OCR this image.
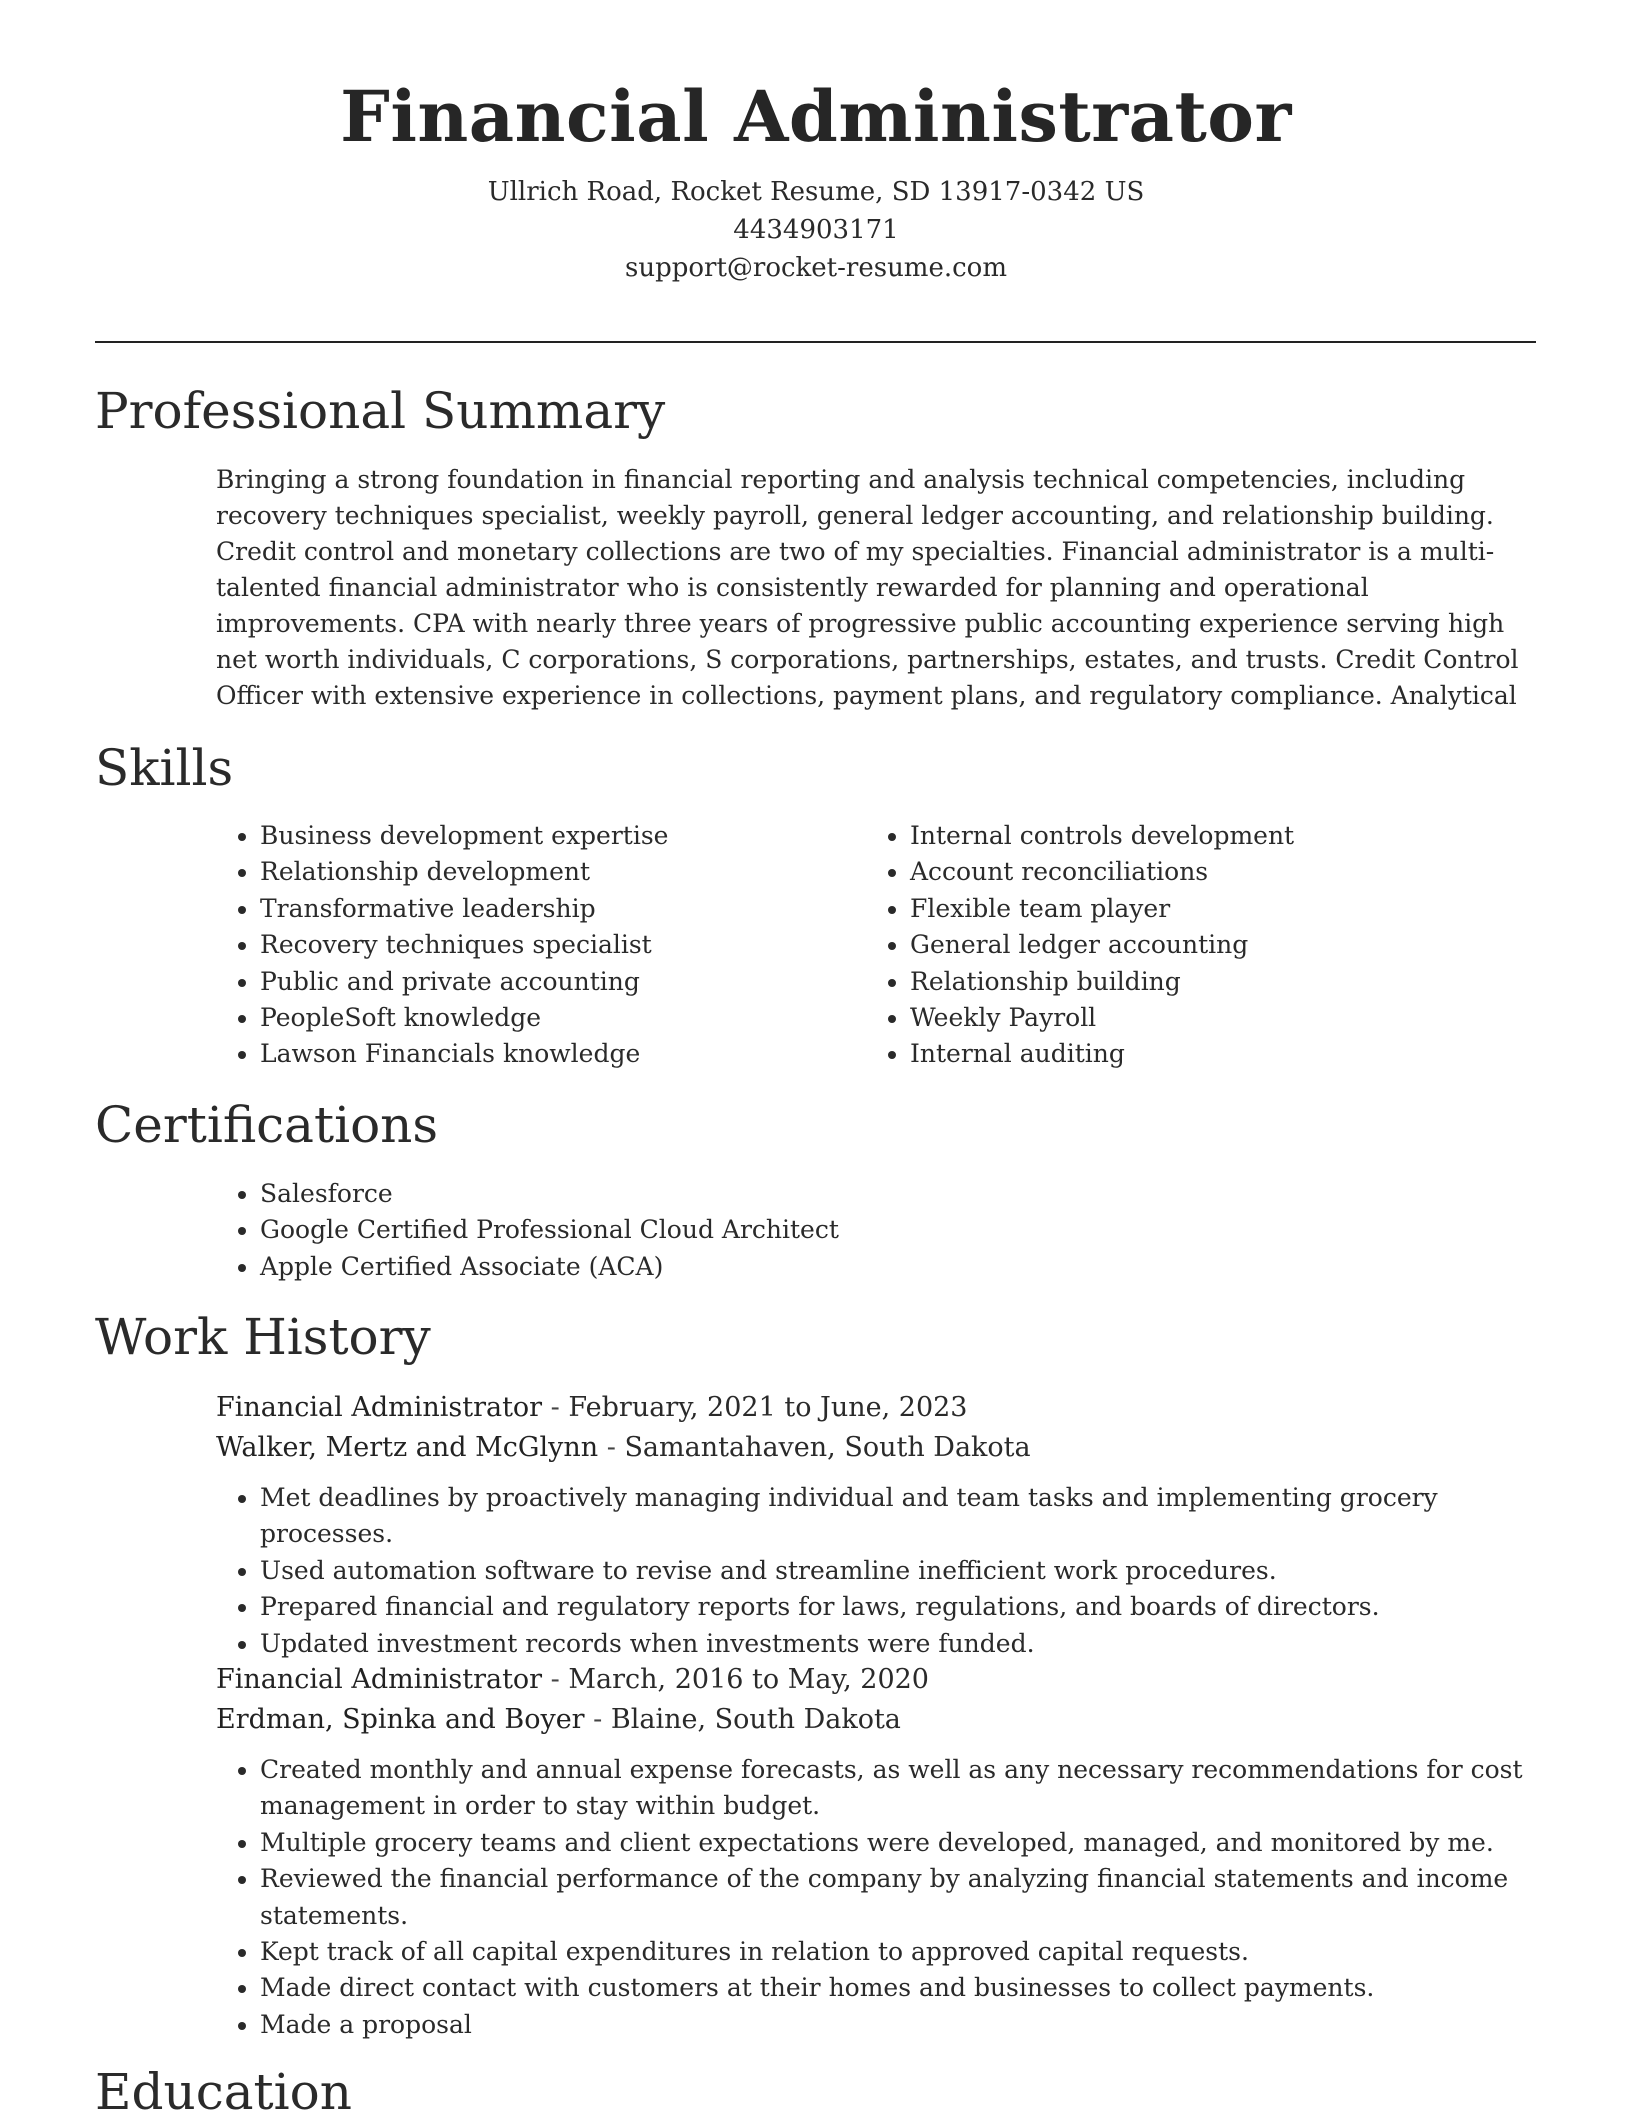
Financial Administrator
Ullrich Road, Rocket Resume, SD 13917-0342 US
4434903171
support@rocket-resume.com
Professional Summary

Bringing a strong foundation in financial reporting and analysis technical competencies, including recovery techniques specialist, weekly payroll, general ledger accounting, and relationship building. Credit control and monetary collections are two of my specialties. Financial administrator is a multi-talented financial administrator who is consistently rewarded for planning and operational improvements. CPA with nearly three years of progressive public accounting experience serving high net worth individuals, C corporations, S corporations, partnerships, estates, and trusts. Credit Control Officer with extensive experience in collections, payment plans, and regulatory compliance. Analytical

Skills
• Business development expertise
• Relationship development
• Transformative leadership
• Recovery techniques specialist
• Public and private accounting
• PeopleSoft knowledge
• Lawson Financials knowledge
• Internal controls development
• Account reconciliations
• Flexible team player
• General ledger accounting
• Relationship building
• Weekly Payroll
• Internal auditing
Certifications
• Salesforce
• Google Certified Professional Cloud Architect
• Apple Certified Associate (ACA)
Work History

Financial Administrator - February, 2021 to June, 2023

Walker, Mertz and McGlynn - Samantahaven, South Dakota

• Met deadlines by proactively managing individual and team tasks and implementing grocery processes.
• Used automation software to revise and streamline inefficient work procedures.
• Prepared financial and regulatory reports for laws, regulations, and boards of directors.
• Updated investment records when investments were funded.

Financial Administrator - March, 2016 to May, 2020

Erdman, Spinka and Boyer - Blaine, South Dakota

• Created monthly and annual expense forecasts, as well as any necessary recommendations for cost management in order to stay within budget.
• Multiple grocery teams and client expectations were developed, managed, and monitored by me.
• Reviewed the financial performance of the company by analyzing financial statements and income statements.
• Kept track of all capital expenditures in relation to approved capital requests.
• Made direct contact with customers at their homes and businesses to collect payments.
• Made a proposal
Education
